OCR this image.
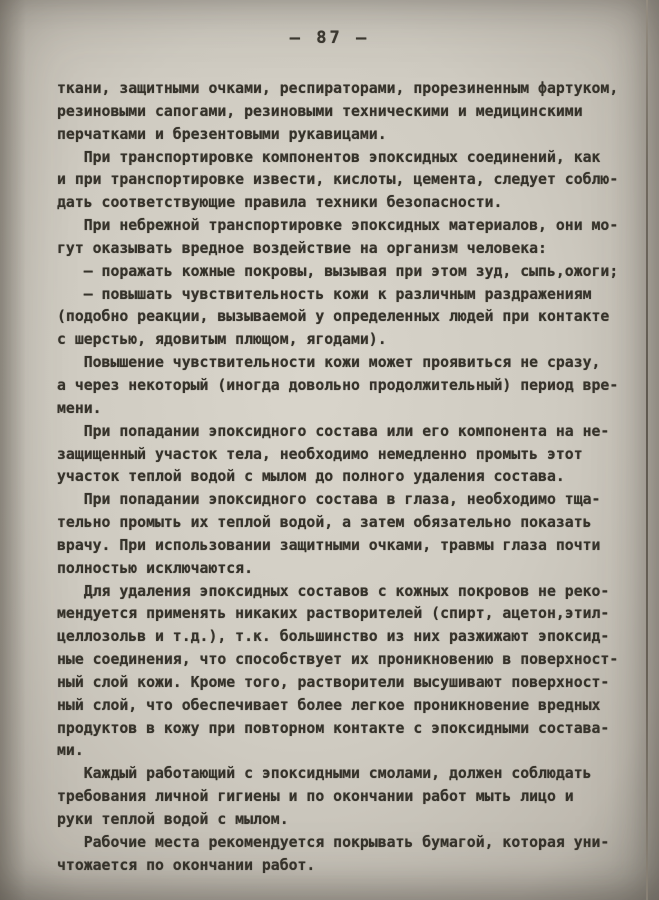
— 87 —
ткани, защитными очками, респираторами, прорезиненным фартуком,
резиновыми сапогами, резиновыми техническими и медицинскими
перчатками и брезентовыми рукавицами.
При транспортировке компонентов эпоксидных соединений, как
и при транспортировке извести, кислоты, цемента, следует соблю-
дать соответствующие правила техники безопасности.
При небрежной транспортировке эпоксидных материалов, они мо-
гут оказывать вредное воздействие на организм человека:
– поражать кожные покровы, вызывая при этом зуд, сыпь,ожоги;
– повышать чувствительность кожи к различным раздражениям
(подобно реакции, вызываемой у определенных людей при контакте
с шерстью, ядовитым плющом, ягодами).
Повышение чувствительности кожи может проявиться не сразу,
а через некоторый (иногда довольно продолжительный) период вре-
мени.
При попадании эпоксидного состава или его компонента на не-
защищенный участок тела, необходимо немедленно промыть этот
участок теплой водой с мылом до полного удаления состава.
При попадании эпоксидного состава в глаза, необходимо тща-
тельно промыть их теплой водой, а затем обязательно показать
врачу. При использовании защитными очками, травмы глаза почти
полностью исключаются.
Для удаления эпоксидных составов с кожных покровов не реко-
мендуется применять никаких растворителей (спирт, ацетон,этил-
целлозольв и т.д.), т.к. большинство из них разжижают эпоксид-
ные соединения, что способствует их проникновению в поверхност-
ный слой кожи. Кроме того, растворители высушивают поверхност-
ный слой, что обеспечивает более легкое проникновение вредных
продуктов в кожу при повторном контакте с эпоксидными состава-
ми.
Каждый работающий с эпоксидными смолами, должен соблюдать
требования личной гигиены и по окончании работ мыть лицо и
руки теплой водой с мылом.
Рабочие места рекомендуется покрывать бумагой, которая уни-
чтожается по окончании работ.
